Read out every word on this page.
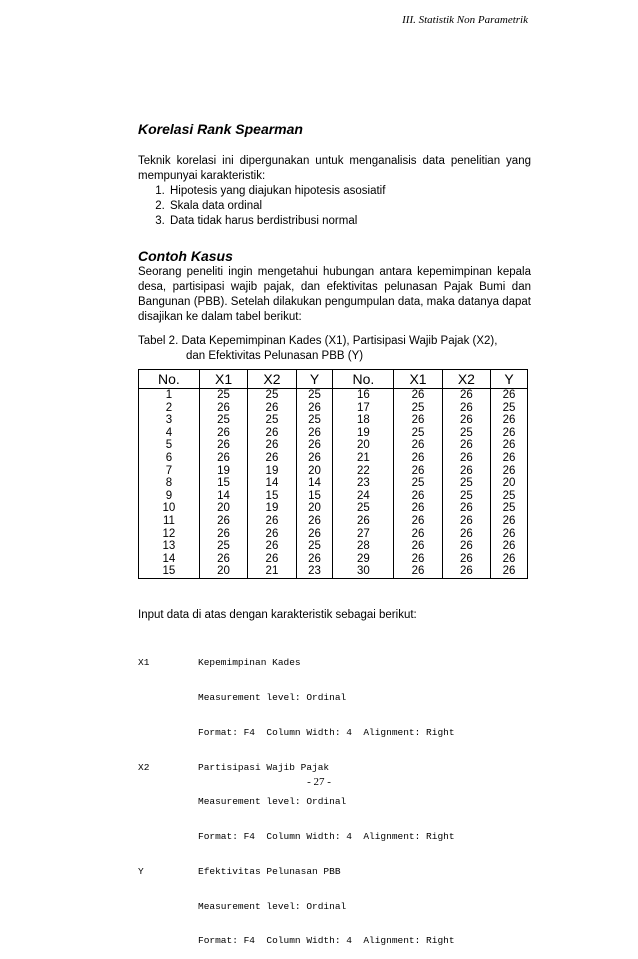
III. Statistik Non Parametrik
Korelasi Rank Spearman
Teknik korelasi ini dipergunakan untuk menganalisis data penelitian yang mempunyai karakteristik:
1. Hipotesis yang diajukan hipotesis asosiatif
2. Skala data ordinal
3. Data tidak harus berdistribusi normal
Contoh Kasus
Seorang peneliti ingin mengetahui hubungan antara kepemimpinan kepala desa, partisipasi wajib pajak, dan efektivitas pelunasan Pajak Bumi dan Bangunan (PBB). Setelah dilakukan pengumpulan data, maka datanya dapat disajikan ke dalam tabel berikut:
Tabel 2. Data Kepemimpinan Kades (X1), Partisipasi Wajib Pajak (X2),
dan Efektivitas Pelunasan PBB (Y)
No.	X1	X2	Y	No.	X1	X2	Y
1	25	25	25	16	26	26	26
2	26	26	26	17	25	26	25
3	25	25	25	18	26	26	26
4	26	26	26	19	25	25	26
5	26	26	26	20	26	26	26
6	26	26	26	21	26	26	26
7	19	19	20	22	26	26	26
8	15	14	14	23	25	25	20
9	14	15	15	24	26	25	25
10	20	19	20	25	26	26	25
11	26	26	26	26	26	26	26
12	26	26	26	27	26	26	26
13	25	26	25	28	26	26	26
14	26	26	26	29	26	26	26
15	20	21	23	30	26	26	26
Input data di atas dengan karakteristik sebagai berikut:

X1	Kepemimpinan Kades

Measurement level: Ordinal

Format: F4  Column Width: 4  Alignment: Right

X2	Partisipasi Wajib Pajak

Measurement level: Ordinal

Format: F4  Column Width: 4  Alignment: Right

Y	Efektivitas Pelunasan PBB

Measurement level: Ordinal

Format: F4  Column Width: 4  Alignment: Right

- 27 -
